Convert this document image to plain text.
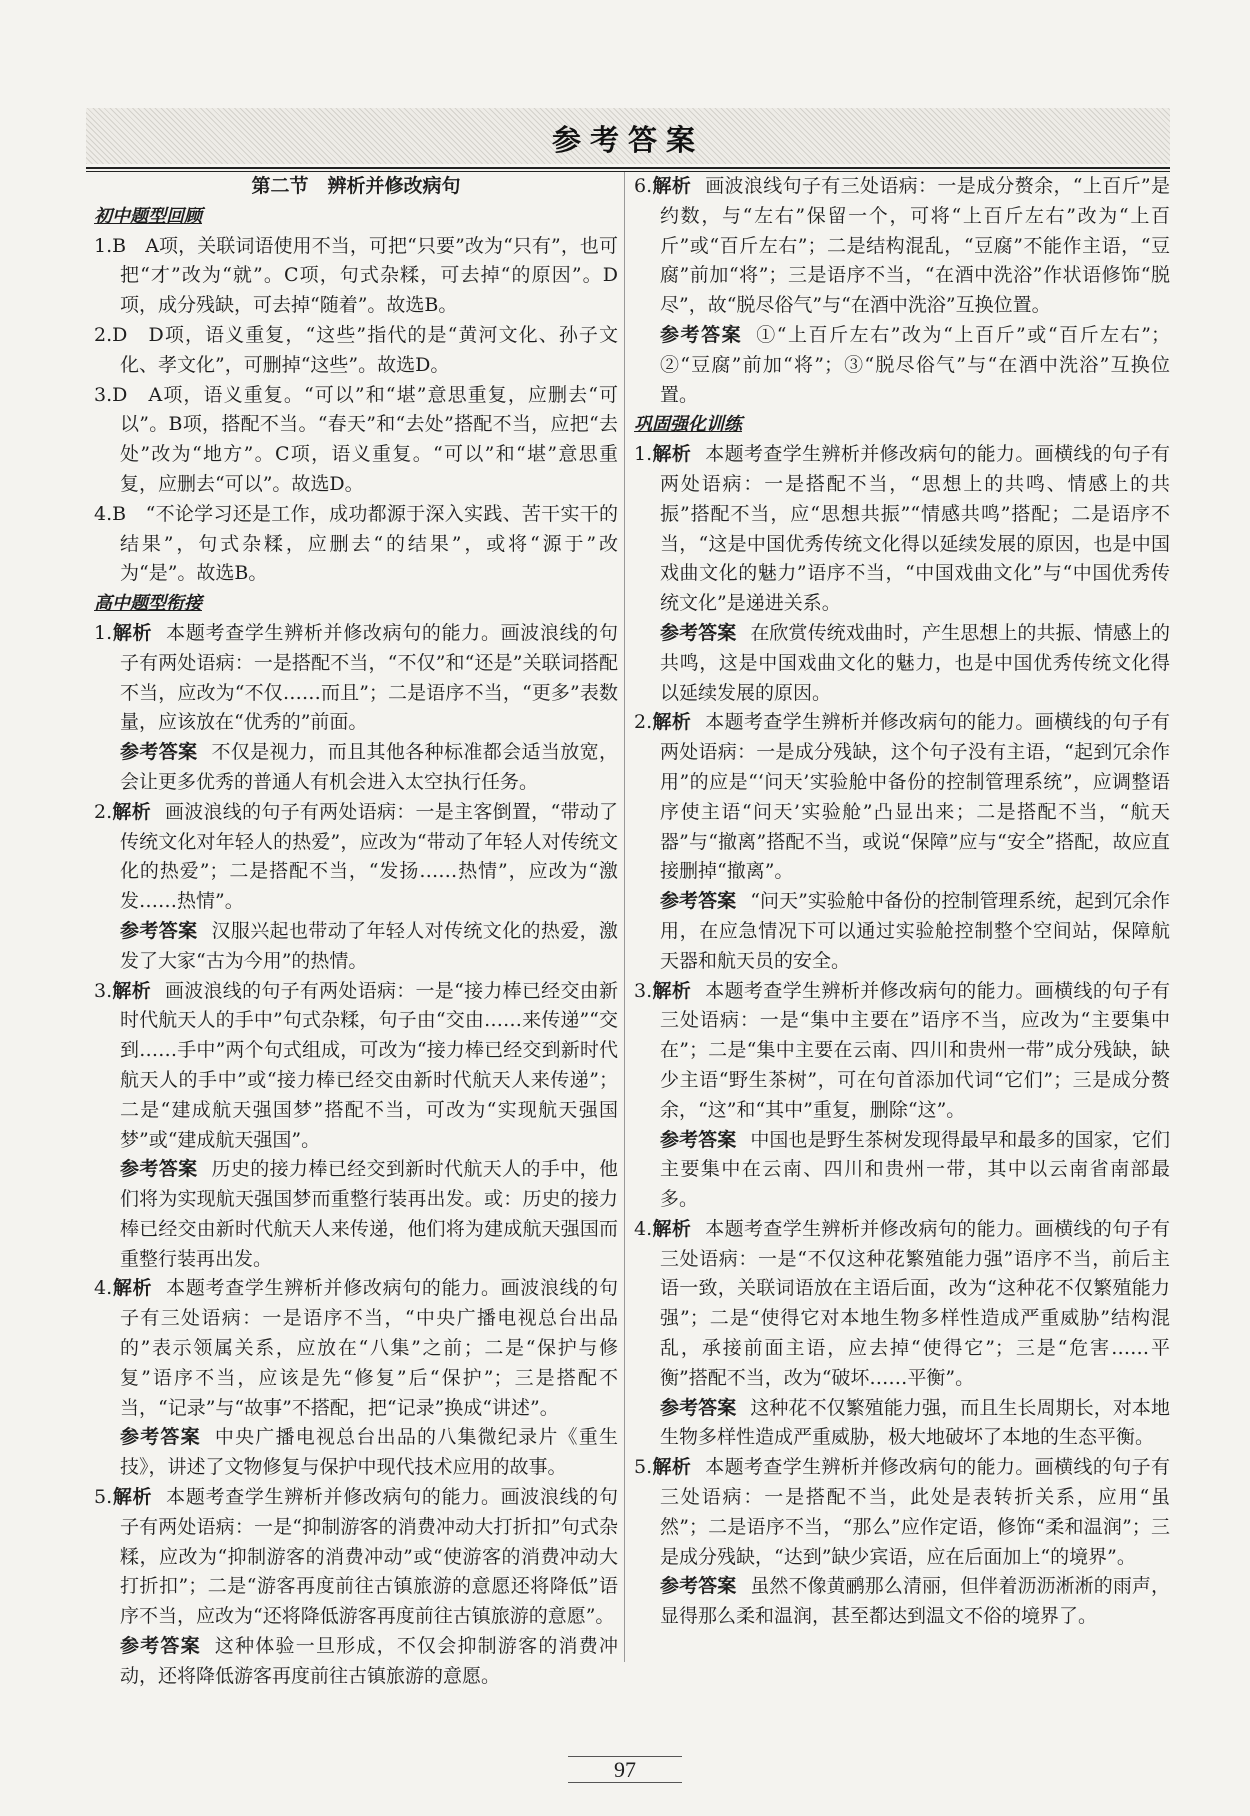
参考答案

第二节　辨析并修改病句

初中题型回顾

1.B　A项，关联词语使用不当，可把“只要”改为“只有”，也可把“才”改为“就”。C项，句式杂糅，可去掉“的原因”。D项，成分残缺，可去掉“随着”。故选B。

2.D　D项，语义重复，“这些”指代的是“黄河文化、孙子文化、孝文化”，可删掉“这些”。故选D。

3.D　A项，语义重复。“可以”和“堪”意思重复，应删去“可以”。B项，搭配不当。“春天”和“去处”搭配不当，应把“去处”改为“地方”。C项，语义重复。“可以”和“堪”意思重复，应删去“可以”。故选D。

4.B　“不论学习还是工作，成功都源于深入实践、苦干实干的结果”，句式杂糅，应删去“的结果”，或将“源于”改为“是”。故选B。

高中题型衔接

1.解析 本题考查学生辨析并修改病句的能力。画波浪线的句子有两处语病：一是搭配不当，“不仅”和“还是”关联词搭配不当，应改为“不仅……而且”；二是语序不当，“更多”表数量，应该放在“优秀的”前面。

参考答案 不仅是视力，而且其他各种标准都会适当放宽，会让更多优秀的普通人有机会进入太空执行任务。

2.解析 画波浪线的句子有两处语病：一是主客倒置，“带动了传统文化对年轻人的热爱”，应改为“带动了年轻人对传统文化的热爱”；二是搭配不当，“发扬……热情”，应改为“激发……热情”。

参考答案 汉服兴起也带动了年轻人对传统文化的热爱，激发了大家“古为今用”的热情。

3.解析 画波浪线的句子有两处语病：一是“接力棒已经交由新时代航天人的手中”句式杂糅，句子由“交由……来传递”“交到……手中”两个句式组成，可改为“接力棒已经交到新时代航天人的手中”或“接力棒已经交由新时代航天人来传递”；二是“建成航天强国梦”搭配不当，可改为“实现航天强国梦”或“建成航天强国”。

参考答案 历史的接力棒已经交到新时代航天人的手中，他们将为实现航天强国梦而重整行装再出发。或：历史的接力棒已经交由新时代航天人来传递，他们将为建成航天强国而重整行装再出发。

4.解析 本题考查学生辨析并修改病句的能力。画波浪线的句子有三处语病：一是语序不当，“中央广播电视总台出品的”表示领属关系，应放在“八集”之前；二是“保护与修复”语序不当，应该是先“修复”后“保护”；三是搭配不当，“记录”与“故事”不搭配，把“记录”换成“讲述”。

参考答案 中央广播电视总台出品的八集微纪录片《重生技》，讲述了文物修复与保护中现代技术应用的故事。

5.解析 本题考查学生辨析并修改病句的能力。画波浪线的句子有两处语病：一是“抑制游客的消费冲动大打折扣”句式杂糅，应改为“抑制游客的消费冲动”或“使游客的消费冲动大打折扣”；二是“游客再度前往古镇旅游的意愿还将降低”语序不当，应改为“还将降低游客再度前往古镇旅游的意愿”。

参考答案 这种体验一旦形成，不仅会抑制游客的消费冲动，还将降低游客再度前往古镇旅游的意愿。

6.解析 画波浪线句子有三处语病：一是成分赘余，“上百斤”是约数，与“左右”保留一个，可将“上百斤左右”改为“上百斤”或“百斤左右”；二是结构混乱，“豆腐”不能作主语，“豆腐”前加“将”；三是语序不当，“在酒中洗浴”作状语修饰“脱尽”，故“脱尽俗气”与“在酒中洗浴”互换位置。

参考答案 ①“上百斤左右”改为“上百斤”或“百斤左右”；②“豆腐”前加“将”；③“脱尽俗气”与“在酒中洗浴”互换位置。

巩固强化训练

1.解析 本题考查学生辨析并修改病句的能力。画横线的句子有两处语病：一是搭配不当，“思想上的共鸣、情感上的共振”搭配不当，应“思想共振”“情感共鸣”搭配；二是语序不当，“这是中国优秀传统文化得以延续发展的原因，也是中国戏曲文化的魅力”语序不当，“中国戏曲文化”与“中国优秀传统文化”是递进关系。

参考答案 在欣赏传统戏曲时，产生思想上的共振、情感上的共鸣，这是中国戏曲文化的魅力，也是中国优秀传统文化得以延续发展的原因。

2.解析 本题考查学生辨析并修改病句的能力。画横线的句子有两处语病：一是成分残缺，这个句子没有主语，“起到冗余作用”的应是“‘问天’实验舱中备份的控制管理系统”，应调整语序使主语“问天’实验舱”凸显出来；二是搭配不当，“航天器”与“撤离”搭配不当，或说“保障”应与“安全”搭配，故应直接删掉“撤离”。

参考答案 “问天”实验舱中备份的控制管理系统，起到冗余作用，在应急情况下可以通过实验舱控制整个空间站，保障航天器和航天员的安全。

3.解析 本题考查学生辨析并修改病句的能力。画横线的句子有三处语病：一是“集中主要在”语序不当，应改为“主要集中在”；二是“集中主要在云南、四川和贵州一带”成分残缺，缺少主语“野生茶树”，可在句首添加代词“它们”；三是成分赘余，“这”和“其中”重复，删除“这”。

参考答案 中国也是野生茶树发现得最早和最多的国家，它们主要集中在云南、四川和贵州一带，其中以云南省南部最多。

4.解析 本题考查学生辨析并修改病句的能力。画横线的句子有三处语病：一是“不仅这种花繁殖能力强”语序不当，前后主语一致，关联词语放在主语后面，改为“这种花不仅繁殖能力强”；二是“使得它对本地生物多样性造成严重威胁”结构混乱，承接前面主语，应去掉“使得它”；三是“危害……平衡”搭配不当，改为“破坏……平衡”。

参考答案 这种花不仅繁殖能力强，而且生长周期长，对本地生物多样性造成严重威胁，极大地破坏了本地的生态平衡。

5.解析 本题考查学生辨析并修改病句的能力。画横线的句子有三处语病：一是搭配不当，此处是表转折关系，应用“虽然”；二是语序不当，“那么”应作定语，修饰“柔和温润”；三是成分残缺，“达到”缺少宾语，应在后面加上“的境界”。

参考答案 虽然不像黄鹂那么清丽，但伴着沥沥淅淅的雨声，显得那么柔和温润，甚至都达到温文不俗的境界了。

97
